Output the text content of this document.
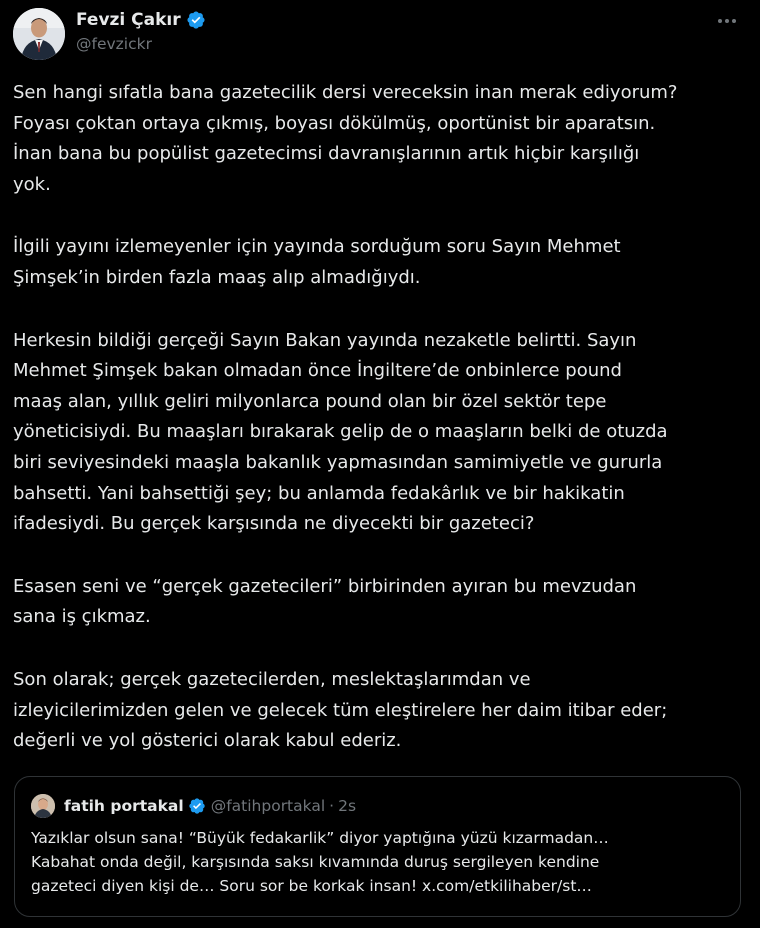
Fevzi Çakır
@fevzickr

Sen hangi sıfatla bana gazetecilik dersi vereceksin inan merak ediyorum?
Foyası çoktan ortaya çıkmış, boyası dökülmüş, oportünist bir aparatsın.
İnan bana bu popülist gazetecimsi davranışlarının artık hiçbir karşılığı
yok.

İlgili yayını izlemeyenler için yayında sorduğum soru Sayın Mehmet
Şimşek’in birden fazla maaş alıp almadığıydı.

Herkesin bildiği gerçeği Sayın Bakan yayında nezaketle belirtti. Sayın
Mehmet Şimşek bakan olmadan önce İngiltere’de onbinlerce pound
maaş alan, yıllık geliri milyonlarca pound olan bir özel sektör tepe
yöneticisiydi. Bu maaşları bırakarak gelip de o maaşların belki de otuzda
biri seviyesindeki maaşla bakanlık yapmasından samimiyetle ve gururla
bahsetti. Yani bahsettiği şey; bu anlamda fedakârlık ve bir hakikatin
ifadesiydi. Bu gerçek karşısında ne diyecekti bir gazeteci?

Esasen seni ve “gerçek gazetecileri” birbirinden ayıran bu mevzudan
sana iş çıkmaz.

Son olarak; gerçek gazetecilerden, meslektaşlarımdan ve
izleyicilerimizden gelen ve gelecek tüm eleştirelere her daim itibar eder;
değerli ve yol gösterici olarak kabul ederiz.

fatih portakal @fatihportakal · 2s
Yazıklar olsun sana! “Büyük fedakarlik” diyor yaptığına yüzü kızarmadan…
Kabahat onda değil, karşısında saksı kıvamında duruş sergileyen kendine
gazeteci diyen kişi de… Soru sor be korkak insan! x.com/etkilihaber/st…
